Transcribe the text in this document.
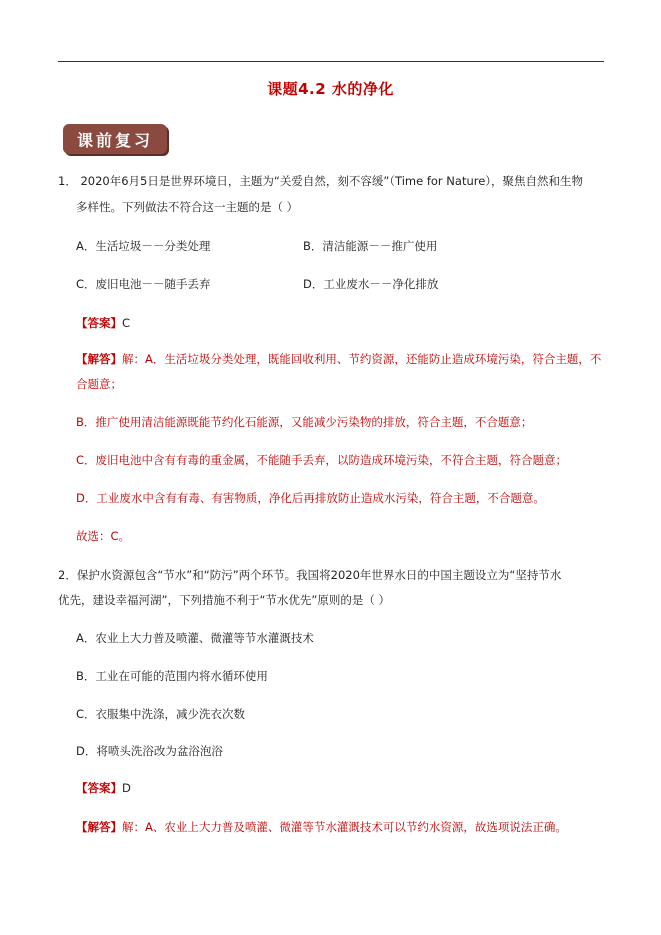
课题4.2 水的净化
课前复习
1． 2020年6月5日是世界环境日，主题为“关爱自然，刻不容缓”（Time for Nature），聚焦自然和生物
多样性。下列做法不符合这一主题的是（ ）
A．生活垃圾－－分类处理	B．清洁能源－－推广使用
C．废旧电池－－随手丢弃	D．工业废水－－净化排放
【答案】C
【解答】解：A．生活垃圾分类处理，既能回收利用、节约资源，还能防止造成环境污染，符合主题，不
合题意；
B．推广使用清洁能源既能节约化石能源，又能减少污染物的排放，符合主题，不合题意；
C．废旧电池中含有有毒的重金属，不能随手丢弃，以防造成环境污染，不符合主题，符合题意；
D．工业废水中含有有毒、有害物质，净化后再排放防止造成水污染，符合主题，不合题意。
故选：C。
2．保护水资源包含“节水”和“防污”两个环节。我国将2020年世界水日的中国主题设立为“坚持节水
优先，建设幸福河湖”，下列措施不利于“节水优先”原则的是（ ）
A．农业上大力普及喷灌、微灌等节水灌溉技术
B．工业在可能的范围内将水循环使用
C．衣服集中洗涤，减少洗衣次数
D．将喷头洗浴改为盆浴泡浴
【答案】D
【解答】解：A、农业上大力普及喷灌、微灌等节水灌溉技术可以节约水资源，故选项说法正确。
